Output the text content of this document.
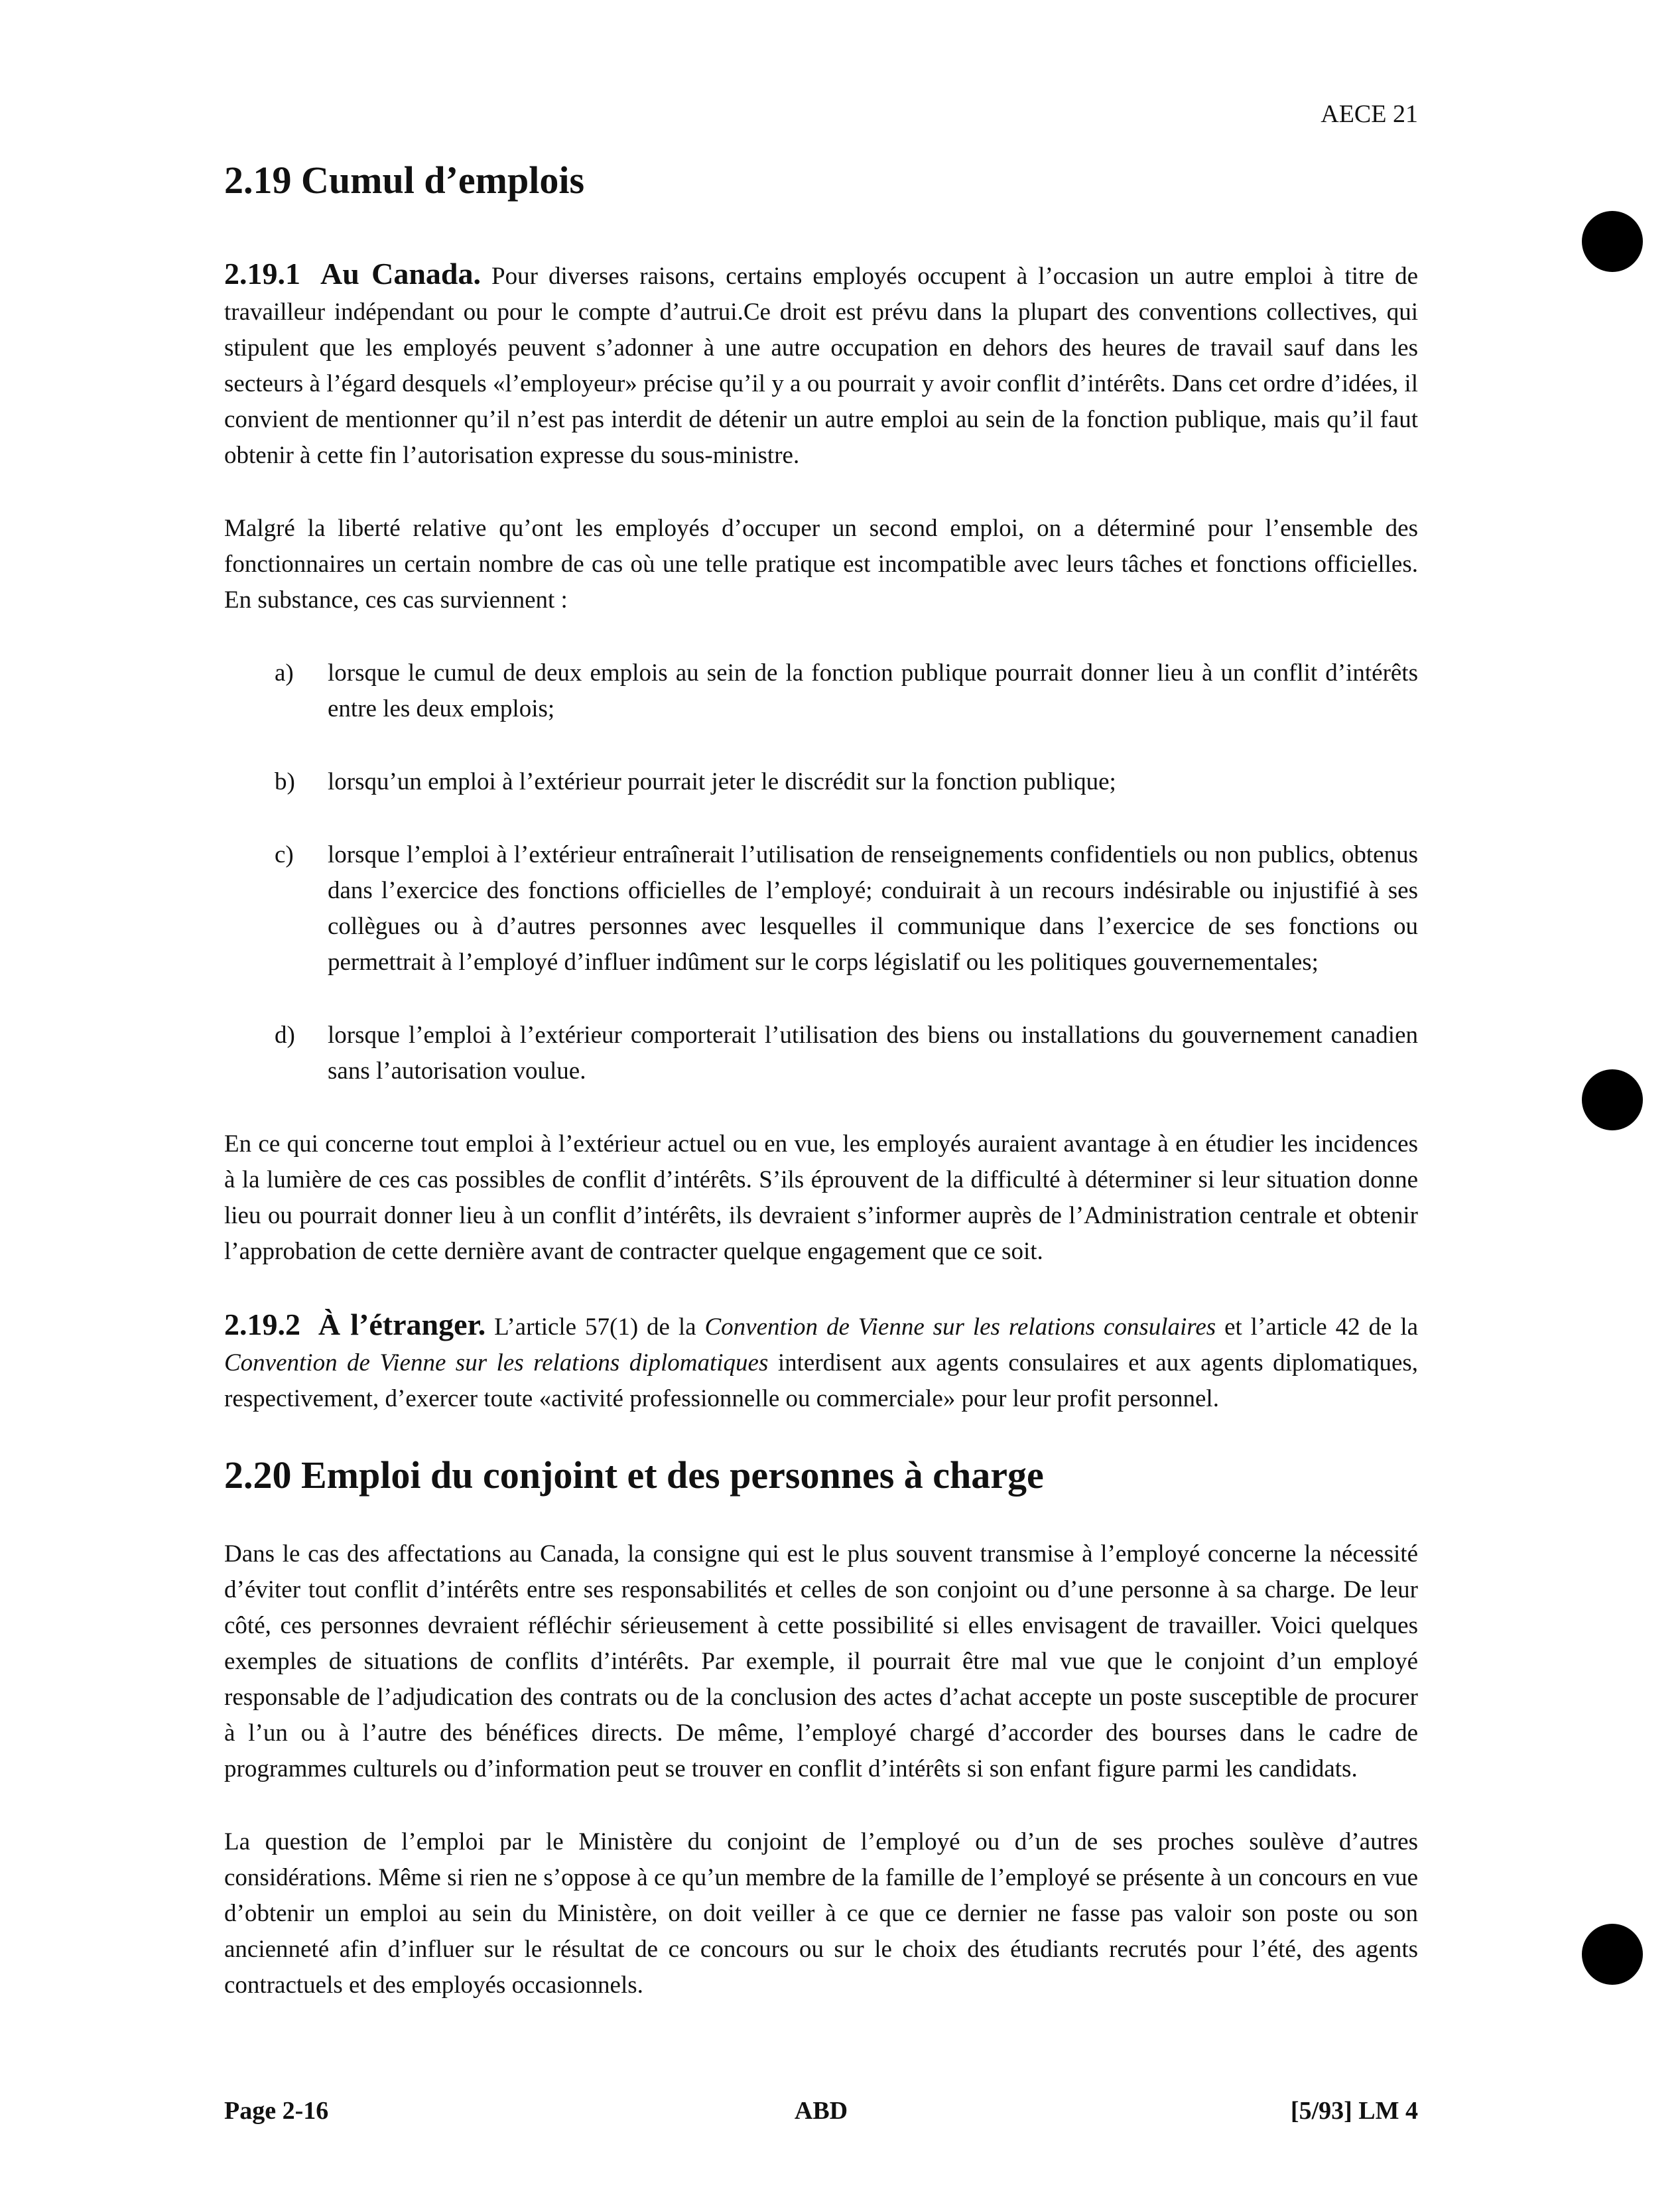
AECE 21
2.19 Cumul d’emplois

2.19.1 Au Canada. Pour diverses raisons, certains employés occupent à l’occasion un autre emploi à titre de travailleur indépendant ou pour le compte d’autrui.Ce droit est prévu dans la plupart des conventions collectives, qui stipulent que les employés peuvent s’adonner à une autre occupation en dehors des heures de travail sauf dans les secteurs à l’égard desquels «l’employeur» précise qu’il y a ou pourrait y avoir conflit d’intérêts. Dans cet ordre d’idées, il convient de mentionner qu’il n’est pas interdit de détenir un autre emploi au sein de la fonction publique, mais qu’il faut obtenir à cette fin l’autorisation expresse du sous-ministre.

Malgré la liberté relative qu’ont les employés d’occuper un second emploi, on a déterminé pour l’ensemble des fonctionnaires un certain nombre de cas où une telle pratique est incompatible avec leurs tâches et fonctions officielles. En substance, ces cas surviennent :

a) lorsque le cumul de deux emplois au sein de la fonction publique pourrait donner lieu à un conflit d’intérêts entre les deux emplois;
b) lorsqu’un emploi à l’extérieur pourrait jeter le discrédit sur la fonction publique;
c) lorsque l’emploi à l’extérieur entraînerait l’utilisation de renseignements confidentiels ou non publics, obtenus dans l’exercice des fonctions officielles de l’employé; conduirait à un recours indésirable ou injustifié à ses collègues ou à d’autres personnes avec lesquelles il communique dans l’exercice de ses fonctions ou permettrait à l’employé d’influer indûment sur le corps législatif ou les politiques gouvernementales;
d) lorsque l’emploi à l’extérieur comporterait l’utilisation des biens ou installations du gouvernement canadien sans l’autorisation voulue.

En ce qui concerne tout emploi à l’extérieur actuel ou en vue, les employés auraient avantage à en étudier les incidences à la lumière de ces cas possibles de conflit d’intérêts. S’ils éprouvent de la difficulté à déterminer si leur situation donne lieu ou pourrait donner lieu à un conflit d’intérêts, ils devraient s’informer auprès de l’Administration centrale et obtenir l’approbation de cette dernière avant de contracter quelque engagement que ce soit.

2.19.2 À l’étranger. L’article 57(1) de la Convention de Vienne sur les relations consulaires et l’article 42 de la Convention de Vienne sur les relations diplomatiques interdisent aux agents consulaires et aux agents diplomatiques, respectivement, d’exercer toute «activité professionnelle ou commerciale» pour leur profit personnel.

2.20 Emploi du conjoint et des personnes à charge

Dans le cas des affectations au Canada, la consigne qui est le plus souvent transmise à l’employé concerne la nécessité d’éviter tout conflit d’intérêts entre ses responsabilités et celles de son conjoint ou d’une personne à sa charge. De leur côté, ces personnes devraient réfléchir sérieusement à cette possibilité si elles envisagent de travailler. Voici quelques exemples de situations de conflits d’intérêts. Par exemple, il pourrait être mal vue que le conjoint d’un employé responsable de l’adjudication des contrats ou de la conclusion des actes d’achat accepte un poste susceptible de procurer à l’un ou à l’autre des bénéfices directs. De même, l’employé chargé d’accorder des bourses dans le cadre de programmes culturels ou d’information peut se trouver en conflit d’intérêts si son enfant figure parmi les candidats.

La question de l’emploi par le Ministère du conjoint de l’employé ou d’un de ses proches soulève d’autres considérations. Même si rien ne s’oppose à ce qu’un membre de la famille de l’employé se présente à un concours en vue d’obtenir un emploi au sein du Ministère, on doit veiller à ce que ce dernier ne fasse pas valoir son poste ou son ancienneté afin d’influer sur le résultat de ce concours ou sur le choix des étudiants recrutés pour l’été, des agents contractuels et des employés occasionnels.

Page 2-16	ABD	[5/93] LM 4
